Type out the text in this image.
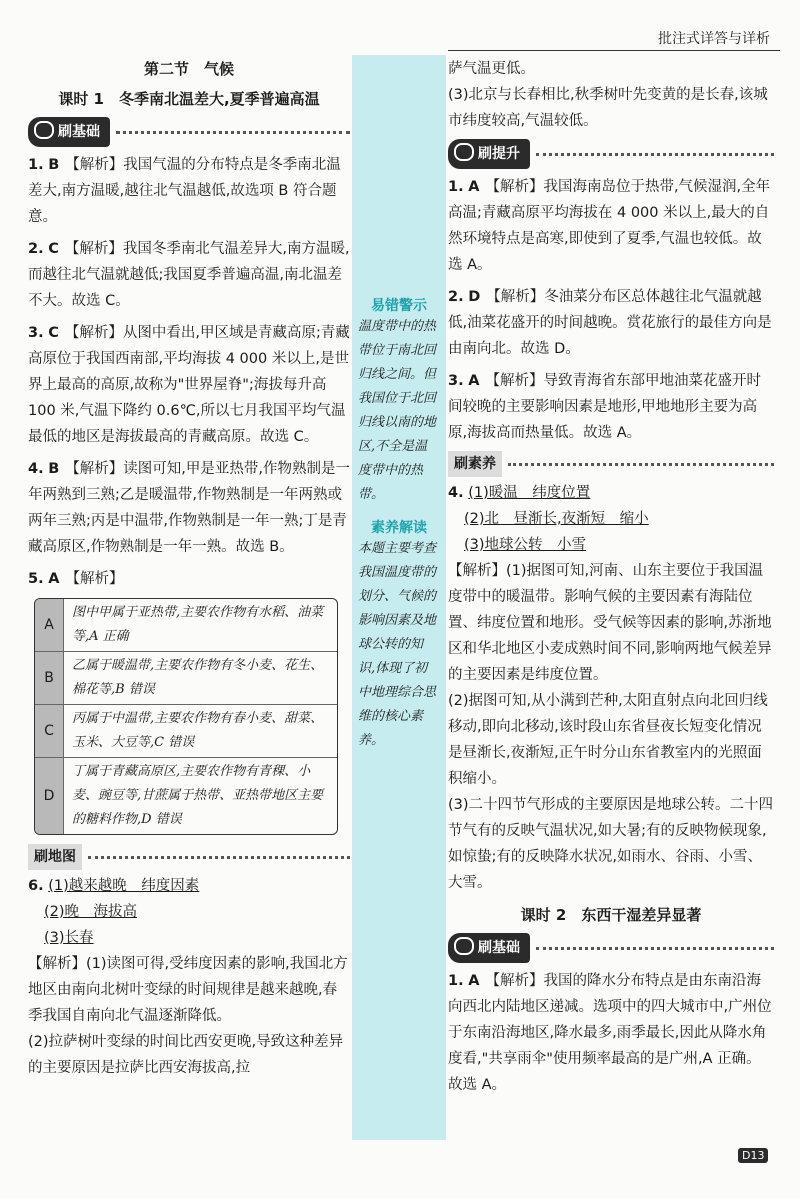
批注式详答与详析
第二节　气候
课时 1　冬季南北温差大,夏季普遍高温
刷基础
1. B 【解析】我国气温的分布特点是冬季南北温差大,南方温暖,越往北气温越低,故选项 B 符合题意。
2. C 【解析】我国冬季南北气温差异大,南方温暖,而越往北气温就越低;我国夏季普遍高温,南北温差不大。故选 C。
3. C 【解析】从图中看出,甲区域是青藏高原;青藏高原位于我国西南部,平均海拔 4 000 米以上,是世界上最高的高原,故称为"世界屋脊";海拔每升高 100 米,气温下降约 0.6℃,所以七月我国平均气温最低的地区是海拔最高的青藏高原。故选 C。
4. B 【解析】读图可知,甲是亚热带,作物熟制是一年两熟到三熟;乙是暖温带,作物熟制是一年两熟或两年三熟;丙是中温带,作物熟制是一年一熟;丁是青藏高原区,作物熟制是一年一熟。故选 B。
5. A 【解析】
A
图中甲属于亚热带,主要农作物有水稻、油菜等,A 正确
B
乙属于暖温带,主要农作物有冬小麦、花生、棉花等,B 错误
C
丙属于中温带,主要农作物有春小麦、甜菜、玉米、大豆等,C 错误
D
丁属于青藏高原区,主要农作物有青稞、小麦、豌豆等,甘蔗属于热带、亚热带地区主要的糖料作物,D 错误
刷地图
6. (1)越来越晚　纬度因素
(2)晚　海拔高
(3)长春
【解析】(1)读图可得,受纬度因素的影响,我国北方地区由南向北树叶变绿的时间规律是越来越晚,春季我国自南向北气温逐渐降低。
(2)拉萨树叶变绿的时间比西安更晚,导致这种差异的主要原因是拉萨比西安海拔高,拉
易错警示
温度带中的热带位于南北回归线之间。但我国位于北回归线以南的地区,不全是温度带中的热带。
素养解读
本题主要考查我国温度带的划分、气候的影响因素及地球公转的知识,体现了初中地理综合思维的核心素养。
萨气温更低。
(3)北京与长春相比,秋季树叶先变黄的是长春,该城市纬度较高,气温较低。
刷提升
1. A 【解析】我国海南岛位于热带,气候湿润,全年高温;青藏高原平均海拔在 4 000 米以上,最大的自然环境特点是高寒,即使到了夏季,气温也较低。故选 A。
2. D 【解析】冬油菜分布区总体越往北气温就越低,油菜花盛开的时间越晚。赏花旅行的最佳方向是由南向北。故选 D。
3. A 【解析】导致青海省东部甲地油菜花盛开时间较晚的主要影响因素是地形,甲地地形主要为高原,海拔高而热量低。故选 A。
刷素养
4. (1)暖温　纬度位置
(2)北　昼渐长,夜渐短　缩小
(3)地球公转　小雪
【解析】(1)据图可知,河南、山东主要位于我国温度带中的暖温带。影响气候的主要因素有海陆位置、纬度位置和地形。受气候等因素的影响,苏浙地区和华北地区小麦成熟时间不同,影响两地气候差异的主要因素是纬度位置。
(2)据图可知,从小满到芒种,太阳直射点向北回归线移动,即向北移动,该时段山东省昼夜长短变化情况是昼渐长,夜渐短,正午时分山东省教室内的光照面积缩小。
(3)二十四节气形成的主要原因是地球公转。二十四节气有的反映气温状况,如大暑;有的反映物候现象,如惊蛰;有的反映降水状况,如雨水、谷雨、小雪、大雪。
课时 2　东西干湿差异显著
刷基础
1. A 【解析】我国的降水分布特点是由东南沿海向西北内陆地区递减。选项中的四大城市中,广州位于东南沿海地区,降水最多,雨季最长,因此从降水角度看,"共享雨伞"使用频率最高的是广州,A 正确。故选 A。
D13
